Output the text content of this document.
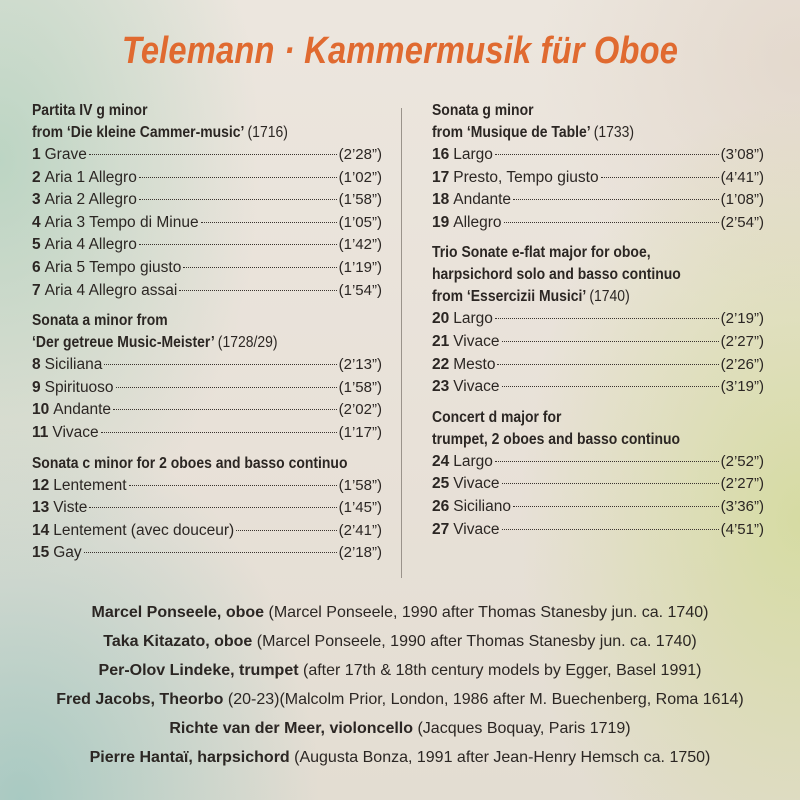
Telemann · Kammermusik für Oboe
Partita IV g minor
from ‘Die kleine Cammer-music’ (1716)
1 Grave	(2’28”)
2 Aria 1 Allegro	(1’02”)
3 Aria 2 Allegro	(1’58”)
4 Aria 3 Tempo di Minue	(1’05”)
5 Aria 4 Allegro	(1’42”)
6 Aria 5 Tempo giusto	(1’19”)
7 Aria 4 Allegro assai	(1’54”)
Sonata a minor from
‘Der getreue Music-Meister’ (1728/29)
8 Siciliana	(2’13”)
9 Spirituoso	(1’58”)
10 Andante	(2’02”)
11 Vivace	(1’17”)
Sonata c minor for 2 oboes and basso continuo
12 Lentement	(1’58”)
13 Viste	(1’45”)
14 Lentement (avec douceur)	(2’41”)
15 Gay	(2’18”)
Sonata g minor
from ‘Musique de Table’ (1733)
16 Largo	(3’08”)
17 Presto, Tempo giusto	(4’41”)
18 Andante	(1’08”)
19 Allegro	(2’54”)
Trio Sonate e-flat major for oboe,
harpsichord solo and basso continuo
from ‘Essercizii Musici’ (1740)
20 Largo	(2’19”)
21 Vivace	(2’27”)
22 Mesto	(2’26”)
23 Vivace	(3’19”)
Concert d major for
trumpet, 2 oboes and basso continuo
24 Largo	(2’52”)
25 Vivace	(2’27”)
26 Siciliano	(3’36”)
27 Vivace	(4’51”)
Marcel Ponseele, oboe (Marcel Ponseele, 1990 after Thomas Stanesby jun. ca. 1740)
Taka Kitazato, oboe (Marcel Ponseele, 1990 after Thomas Stanesby jun. ca. 1740)
Per-Olov Lindeke, trumpet (after 17th & 18th century models by Egger, Basel 1991)
Fred Jacobs, Theorbo (20-23)(Malcolm Prior, London, 1986 after M. Buechenberg, Roma 1614)
Richte van der Meer, violoncello (Jacques Boquay, Paris 1719)
Pierre Hantaï, harpsichord (Augusta Bonza, 1991 after Jean-Henry Hemsch ca. 1750)
